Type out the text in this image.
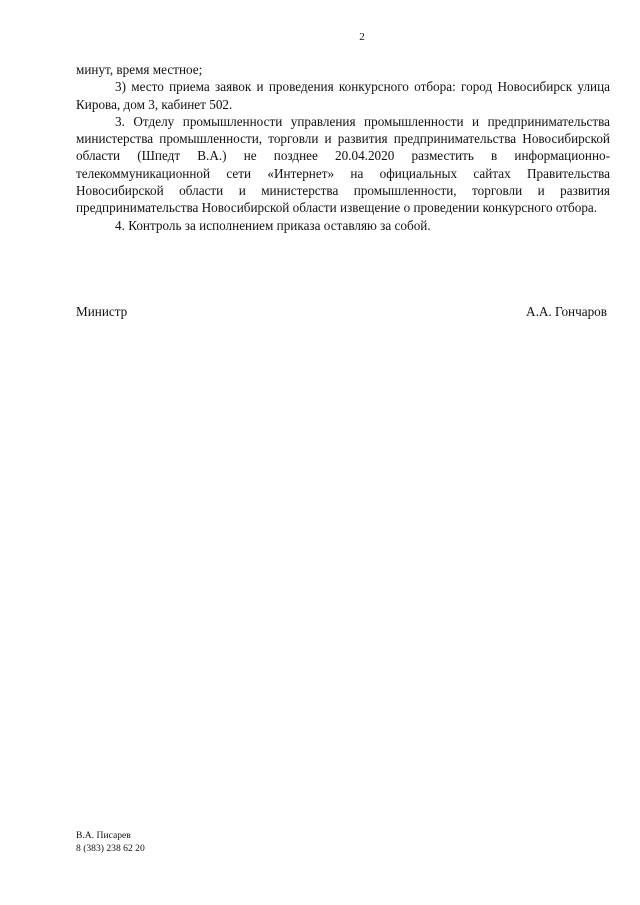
2

минут, время местное;

3) место приема заявок и проведения конкурсного отбора: город Новосибирск улица Кирова, дом 3, кабинет 502.

3. Отделу промышленности управления промышленности и предпринимательства министерства промышленности, торговли и развития предпринимательства Новосибирской области (Шпедт В.А.) не позднее 20.04.2020 разместить в информационно-телекоммуникационной сети «Интернет» на официальных сайтах Правительства Новосибирской области и министерства промышленности, торговли и развития предпринимательства Новосибирской области извещение о проведении конкурсного отбора.

4. Контроль за исполнением приказа оставляю за собой.

Министр	А.А. Гончаров
В.А. Писарев
8 (383) 238 62 20
